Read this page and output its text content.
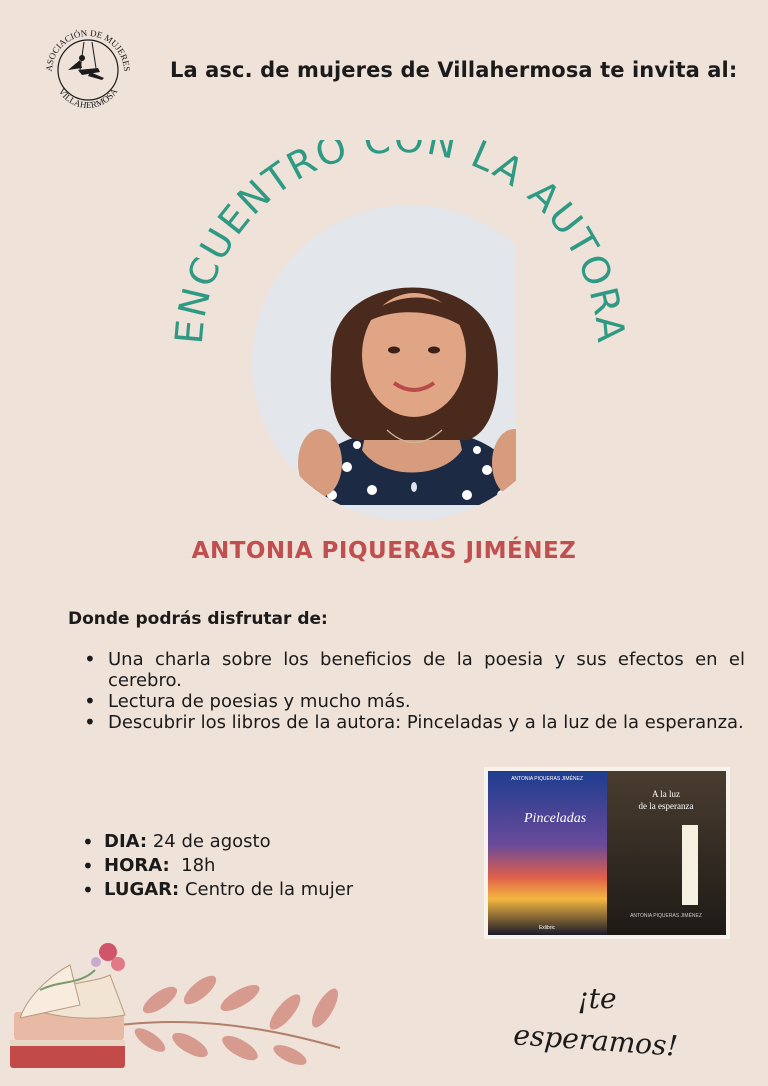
ASOCIACIÓN DE MUJERES
VILLAHERMOSA
La asc. de mujeres de Villahermosa te invita al:
ENCUENTRO C N LA AUTORA
ANTONIA PIQUERAS JIMÉNEZ
Donde podrás disfrutar de:
• Una charla sobre los beneficios de la poesia y sus efectos en el cerebro.
• Lectura de poesias y mucho más.
• Descubrir los libros de la autora: Pinceladas y a la luz de la esperanza.
• DIA: 24 de agosto
• HORA:  18h
• LUGAR: Centro de la mujer
ANTONIA PIQUERAS JIMÉNEZ
Pinceladas
Exlibric
A la luz
de la esperanza
ANTONIA PIQUERAS JIMÉNEZ
¡te
esperamos!
